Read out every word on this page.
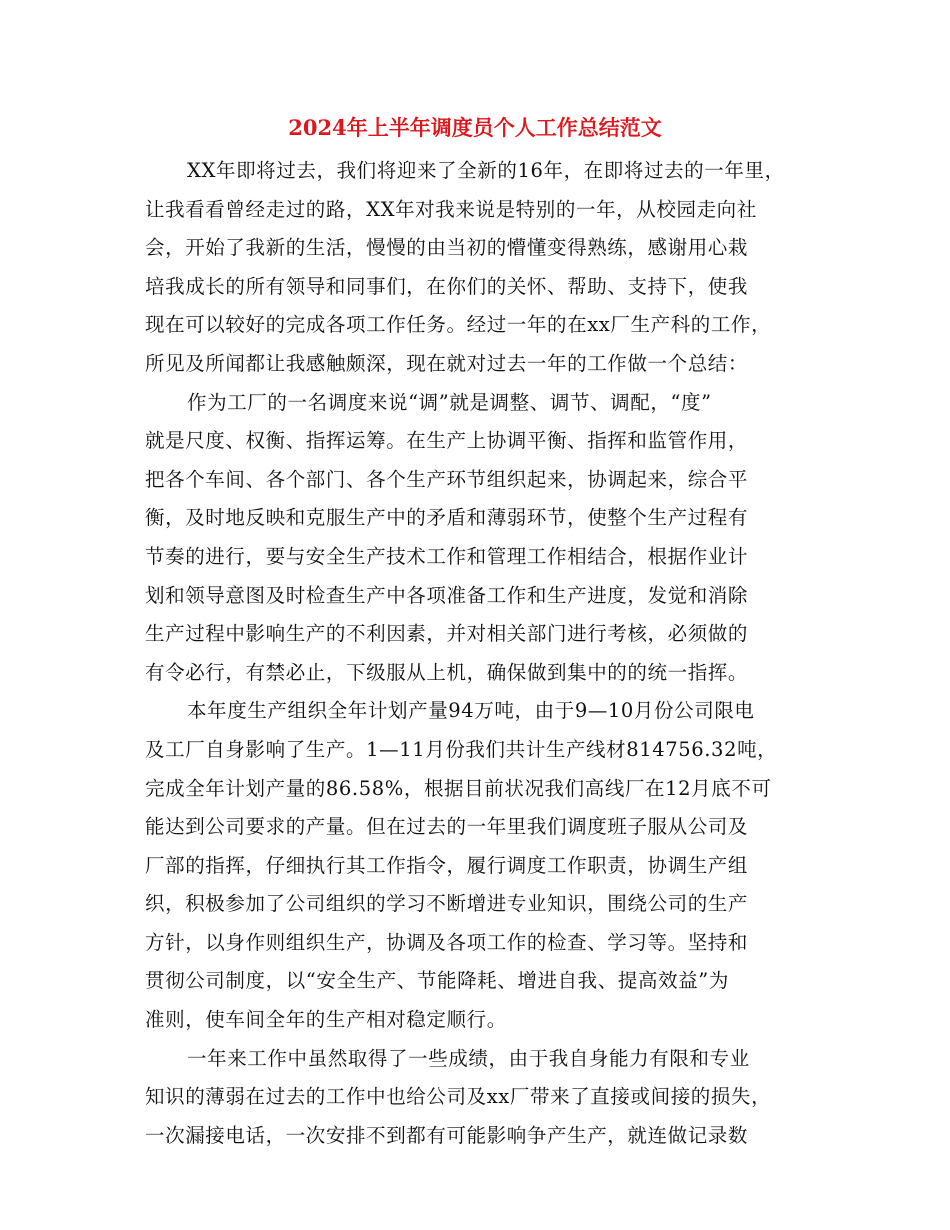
2024年上半年调度员个人工作总结范文
XX年即将过去，我们将迎来了全新的16年，在即将过去的一年里，
让我看看曾经走过的路，XX年对我来说是特别的一年，从校园走向社
会，开始了我新的生活，慢慢的由当初的懵懂变得熟练，感谢用心栽
培我成长的所有领导和同事们，在你们的关怀、帮助、支持下，使我
现在可以较好的完成各项工作任务。经过一年的在xx厂生产科的工作，
所见及所闻都让我感触颇深，现在就对过去一年的工作做一个总结：
作为工厂的一名调度来说“调”就是调整、调节、调配，“度”
就是尺度、权衡、指挥运筹。在生产上协调平衡、指挥和监管作用，
把各个车间、各个部门、各个生产环节组织起来，协调起来，综合平
衡，及时地反映和克服生产中的矛盾和薄弱环节，使整个生产过程有
节奏的进行，要与安全生产技术工作和管理工作相结合，根据作业计
划和领导意图及时检查生产中各项准备工作和生产进度，发觉和消除
生产过程中影响生产的不利因素，并对相关部门进行考核，必须做的
有令必行，有禁必止，下级服从上机，确保做到集中的的统一指挥。
本年度生产组织全年计划产量94万吨，由于9—10月份公司限电
及工厂自身影响了生产。1—11月份我们共计生产线材814756.32吨，
完成全年计划产量的86.58%，根据目前状况我们高线厂在12月底不可
能达到公司要求的产量。但在过去的一年里我们调度班子服从公司及
厂部的指挥，仔细执行其工作指令，履行调度工作职责，协调生产组
织，积极参加了公司组织的学习不断增进专业知识，围绕公司的生产
方针，以身作则组织生产，协调及各项工作的检查、学习等。坚持和
贯彻公司制度，以“安全生产、节能降耗、增进自我、提高效益”为
准则，使车间全年的生产相对稳定顺行。
一年来工作中虽然取得了一些成绩，由于我自身能力有限和专业
知识的薄弱在过去的工作中也给公司及xx厂带来了直接或间接的损失，
一次漏接电话，一次安排不到都有可能影响争产生产，就连做记录数
